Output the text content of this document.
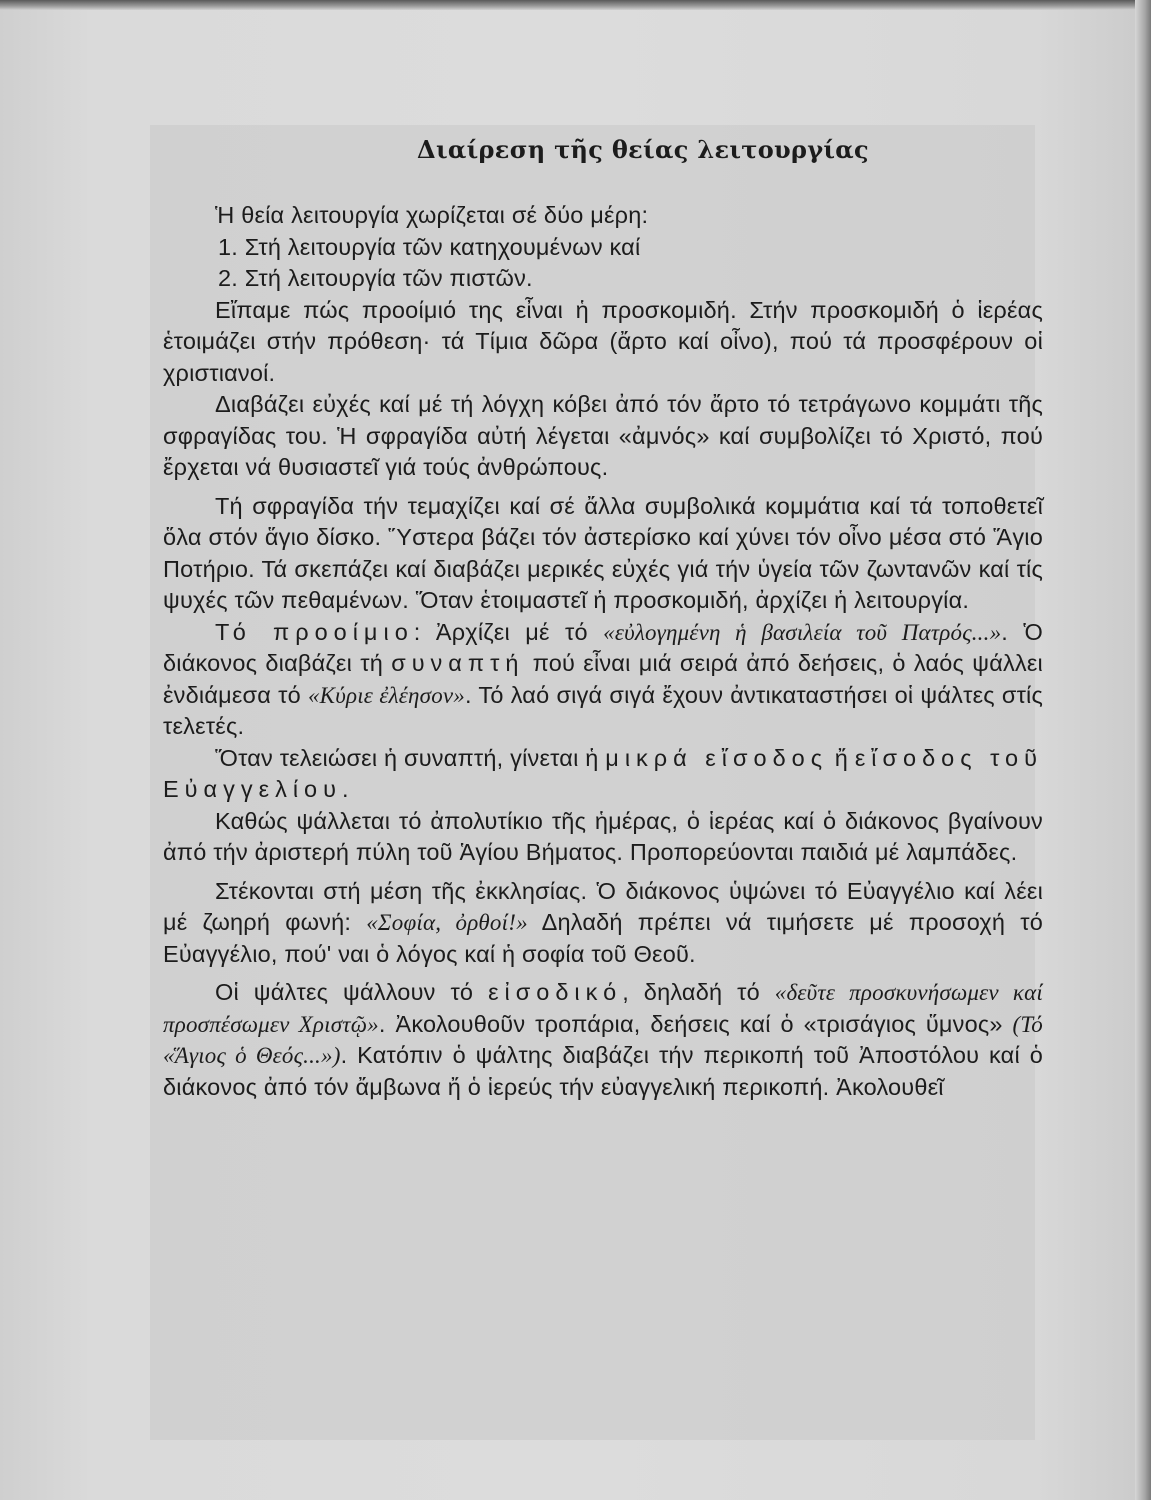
Διαίρεση τῆς θείας λειτουργίας

Ἡ θεία λειτουργία χωρίζεται σέ δύο μέρη:

1. Στή λειτουργία τῶν κατηχουμένων καί

2. Στή λειτουργία τῶν πιστῶν.

Εἴπαμε πώς προοίμιό της εἶναι ἡ προσκομιδή. Στήν προσκομιδή ὁ ἱερέας ἑτοιμάζει στήν πρόθεση· τά Τίμια δῶρα (ἄρτο καί οἶνο), πού τά προσφέρουν οἱ χριστιανοί.

Διαβάζει εὐχές καί μέ τή λόγχη κόβει ἀπό τόν ἄρτο τό τετράγωνο κομμάτι τῆς σφραγίδας του. Ἡ σφραγίδα αὐτή λέγεται «ἀμνός» καί συμβολίζει τό Χριστό, πού ἔρχεται νά θυσιαστεῖ γιά τούς ἀνθρώπους.

Τή σφραγίδα τήν τεμαχίζει καί σέ ἄλλα συμβολικά κομμάτια καί τά τοποθετεῖ ὅλα στόν ἅγιο δίσκο. Ὕστερα βάζει τόν ἀστερίσκο καί χύνει τόν οἶνο μέσα στό Ἅγιο Ποτήριο. Τά σκεπάζει καί διαβάζει μερικές εὐχές γιά τήν ὑγεία τῶν ζωντανῶν καί τίς ψυχές τῶν πεθαμένων. Ὅταν ἑτοιμαστεῖ ἡ προσκομιδή, ἀρχίζει ἡ λειτουργία.

Τό προοίμιο: Ἀρχίζει μέ τό «εὐλογημένη ἡ βασιλεία τοῦ Πατρός...». Ὁ διάκονος διαβάζει τή συναπτή πού εἶναι μιά σειρά ἀπό δεήσεις, ὁ λαός ψάλλει ἐνδιάμεσα τό «Κύριε ἐλέησον». Τό λαό σιγά σιγά ἔχουν ἀντικαταστήσει οἱ ψάλτες στίς τελετές.

Ὅταν τελειώσει ἡ συναπτή, γίνεται ἡ μικρά εἴσοδος ἤ εἴσοδος τοῦ Εὐαγγελίου.

Καθώς ψάλλεται τό ἀπολυτίκιο τῆς ἡμέρας, ὁ ἱερέας καί ὁ διάκονος βγαίνουν ἀπό τήν ἀριστερή πύλη τοῦ Ἁγίου Βήματος. Προπορεύονται παιδιά μέ λαμπάδες.

Στέκονται στή μέση τῆς ἐκκλησίας. Ὁ διάκονος ὑψώνει τό Εὐαγγέλιο καί λέει μέ ζωηρή φωνή: «Σοφία, ὀρθοί!» Δηλαδή πρέπει νά τιμήσετε μέ προσοχή τό Εὐαγγέλιο, πού' ναι ὁ λόγος καί ἡ σοφία τοῦ Θεοῦ.

Οἱ ψάλτες ψάλλουν τό εἰσοδικό, δηλαδή τό «δεῦτε προσκυνήσωμεν καί προσπέσωμεν Χριστῷ». Ἀκολουθοῦν τροπάρια, δεήσεις καί ὁ «τρισάγιος ὕμνος» (Τό «Ἅγιος ὁ Θεός...»). Κατόπιν ὁ ψάλτης διαβάζει τήν περικοπή τοῦ Ἀποστόλου καί ὁ διάκονος ἀπό τόν ἄμβωνα ἤ ὁ ἱερεύς τήν εὐαγγελική περικοπή. Ἀκολουθεῖ
